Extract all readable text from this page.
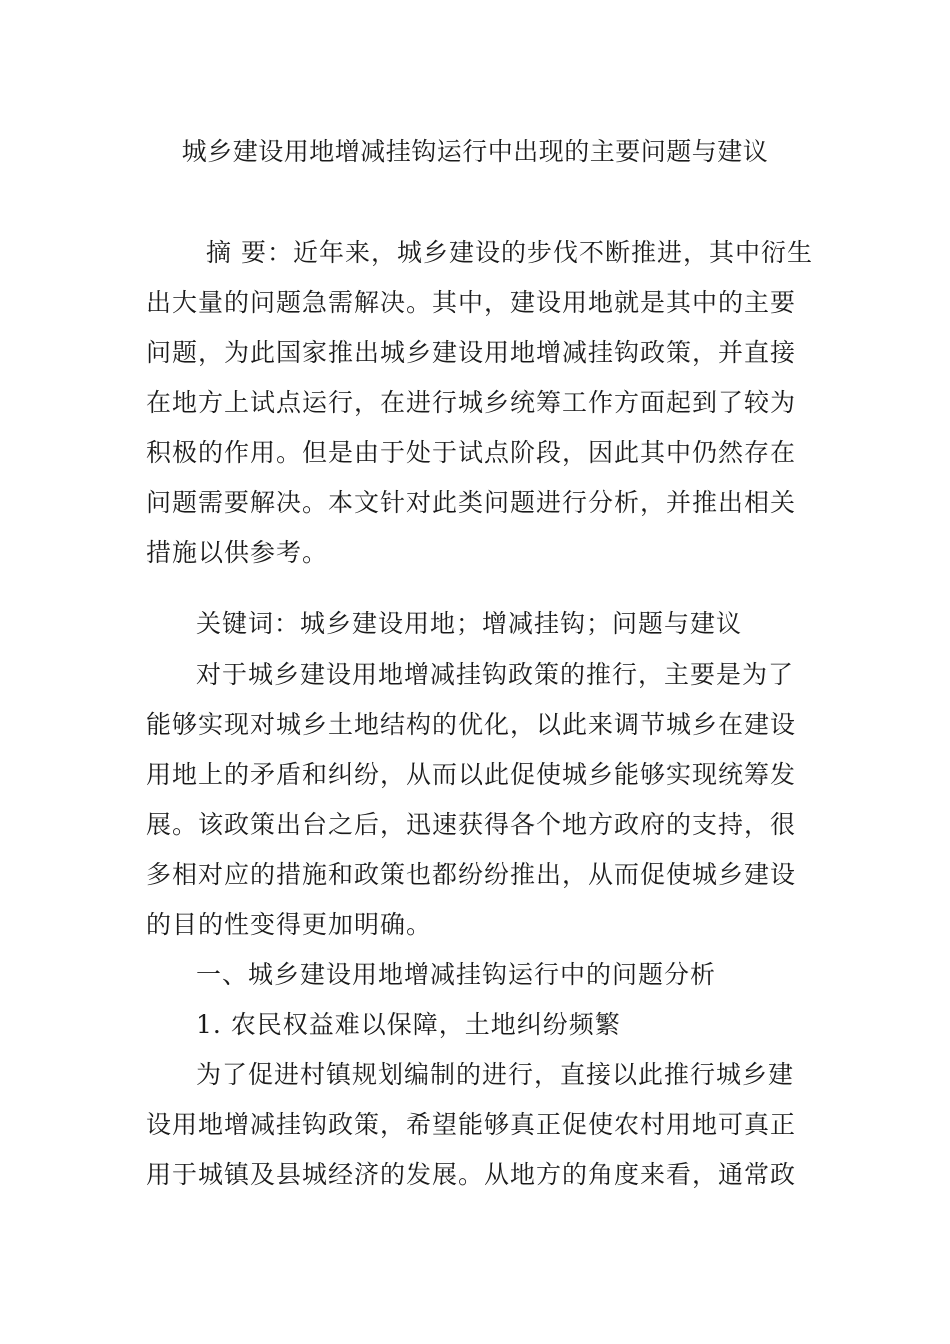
城乡建设用地增减挂钩运行中出现的主要问题与建议
摘 要：近年来，城乡建设的步伐不断推进，其中衍生
出大量的问题急需解决。其中，建设用地就是其中的主要
问题，为此国家推出城乡建设用地增减挂钩政策，并直接
在地方上试点运行，在进行城乡统筹工作方面起到了较为
积极的作用。但是由于处于试点阶段，因此其中仍然存在
问题需要解决。本文针对此类问题进行分析，并推出相关
措施以供参考。
关键词：城乡建设用地；增减挂钩；问题与建议
对于城乡建设用地增减挂钩政策的推行，主要是为了
能够实现对城乡土地结构的优化，以此来调节城乡在建设
用地上的矛盾和纠纷，从而以此促使城乡能够实现统筹发
展。该政策出台之后，迅速获得各个地方政府的支持，很
多相对应的措施和政策也都纷纷推出，从而促使城乡建设
的目的性变得更加明确。
一、城乡建设用地增减挂钩运行中的问题分析
1. 农民权益难以保障，土地纠纷频繁
为了促进村镇规划编制的进行，直接以此推行城乡建
设用地增减挂钩政策，希望能够真正促使农村用地可真正
用于城镇及县城经济的发展。从地方的角度来看，通常政
